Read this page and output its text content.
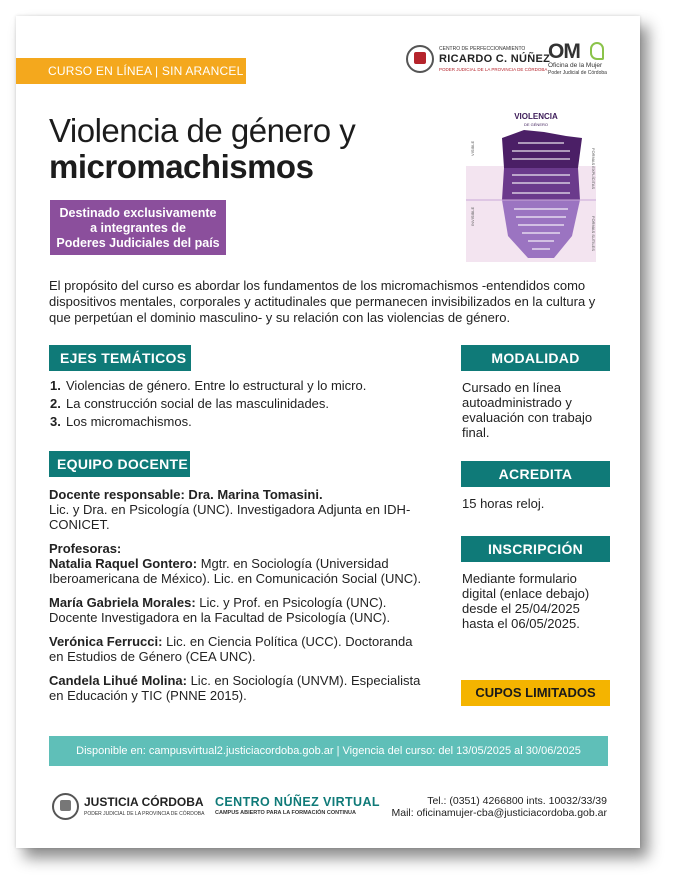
CURSO EN LÍNEA | SIN ARANCEL
CENTRO DE PERFECCIONAMIENTO
RICARDO C. NÚÑEZ
PODER JUDICIAL DE LA PROVINCIA DE CÓRDOBA
OM
Oficina de la Mujer
Poder Judicial de Córdoba
Violencia de género y
micromachismos
Destinado exclusivamente
a integrantes de
Poderes Judiciales del país
VIOLENCIA
DE GÉNERO
VISIBLE
INVISIBLE
FORMAS EXPLÍCITAS
FORMAS SUTILES
El propósito del curso es abordar los fundamentos de los micromachismos -entendidos como
dispositivos mentales, corporales y actitudinales que permanecen invisibilizados en la cultura y
que perpetúan el dominio masculino- y su relación con las violencias de género.
EJES TEMÁTICOS
1. Violencias de género. Entre lo estructural y lo micro.
2. La construcción social de las masculinidades.
3. Los micromachismos.
EQUIPO DOCENTE
Docente responsable: Dra. Marina Tomasini.
Lic. y Dra. en Psicología (UNC). Investigadora Adjunta en IDH-
CONICET.
Profesoras:
Natalia Raquel Gontero: Mgtr. en Sociología (Universidad
Iberoamericana de México). Lic. en Comunicación Social (UNC).
María Gabriela Morales: Lic. y Prof. en Psicología (UNC).
Docente Investigadora en la Facultad de Psicología (UNC).
Verónica Ferrucci: Lic. en Ciencia Política (UCC). Doctoranda
en Estudios de Género (CEA UNC).
Candela Lihué Molina: Lic. en Sociología (UNVM). Especialista
en Educación y TIC (PNNE 2015).
MODALIDAD
Cursado en línea
autoadministrado y
evaluación con trabajo
final.
ACREDITA
15 horas reloj.
INSCRIPCIÓN
Mediante formulario
digital (enlace debajo)
desde el 25/04/2025
hasta el 06/05/2025.
CUPOS LIMITADOS
Disponible en: campusvirtual2.justiciacordoba.gob.ar | Vigencia del curso: del 13/05/2025 al 30/06/2025
JUSTICIA CÓRDOBA
PODER JUDICIAL DE LA PROVINCIA DE CÓRDOBA
CENTRO NÚÑEZ VIRTUAL
CAMPUS ABIERTO PARA LA FORMACIÓN CONTINUA
Tel.: (0351) 4266800 ints. 10032/33/39
Mail: oficinamujer-cba@justiciacordoba.gob.ar
